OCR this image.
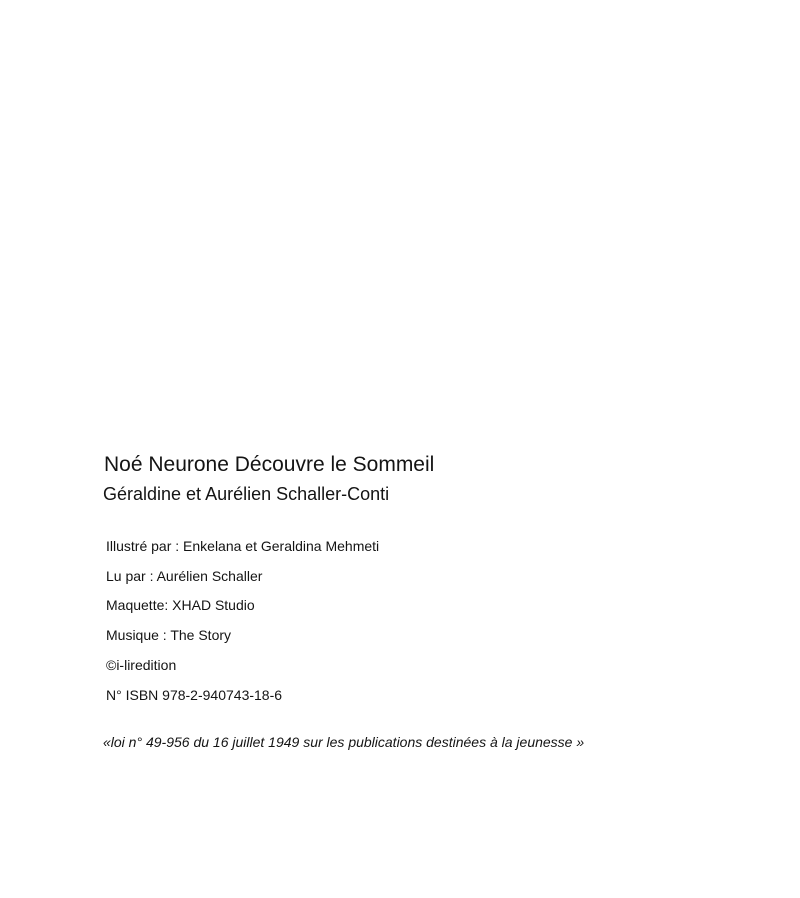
Noé Neurone Découvre le Sommeil
Géraldine et Aurélien Schaller-Conti
Illustré par : Enkelana et Geraldina Mehmeti
Lu par : Aurélien Schaller
Maquette: XHAD Studio
Musique : The Story
©i-liredition
N° ISBN 978-2-940743-18-6

«loi n° 49-956 du 16 juillet 1949 sur les publications destinées à la jeunesse »
